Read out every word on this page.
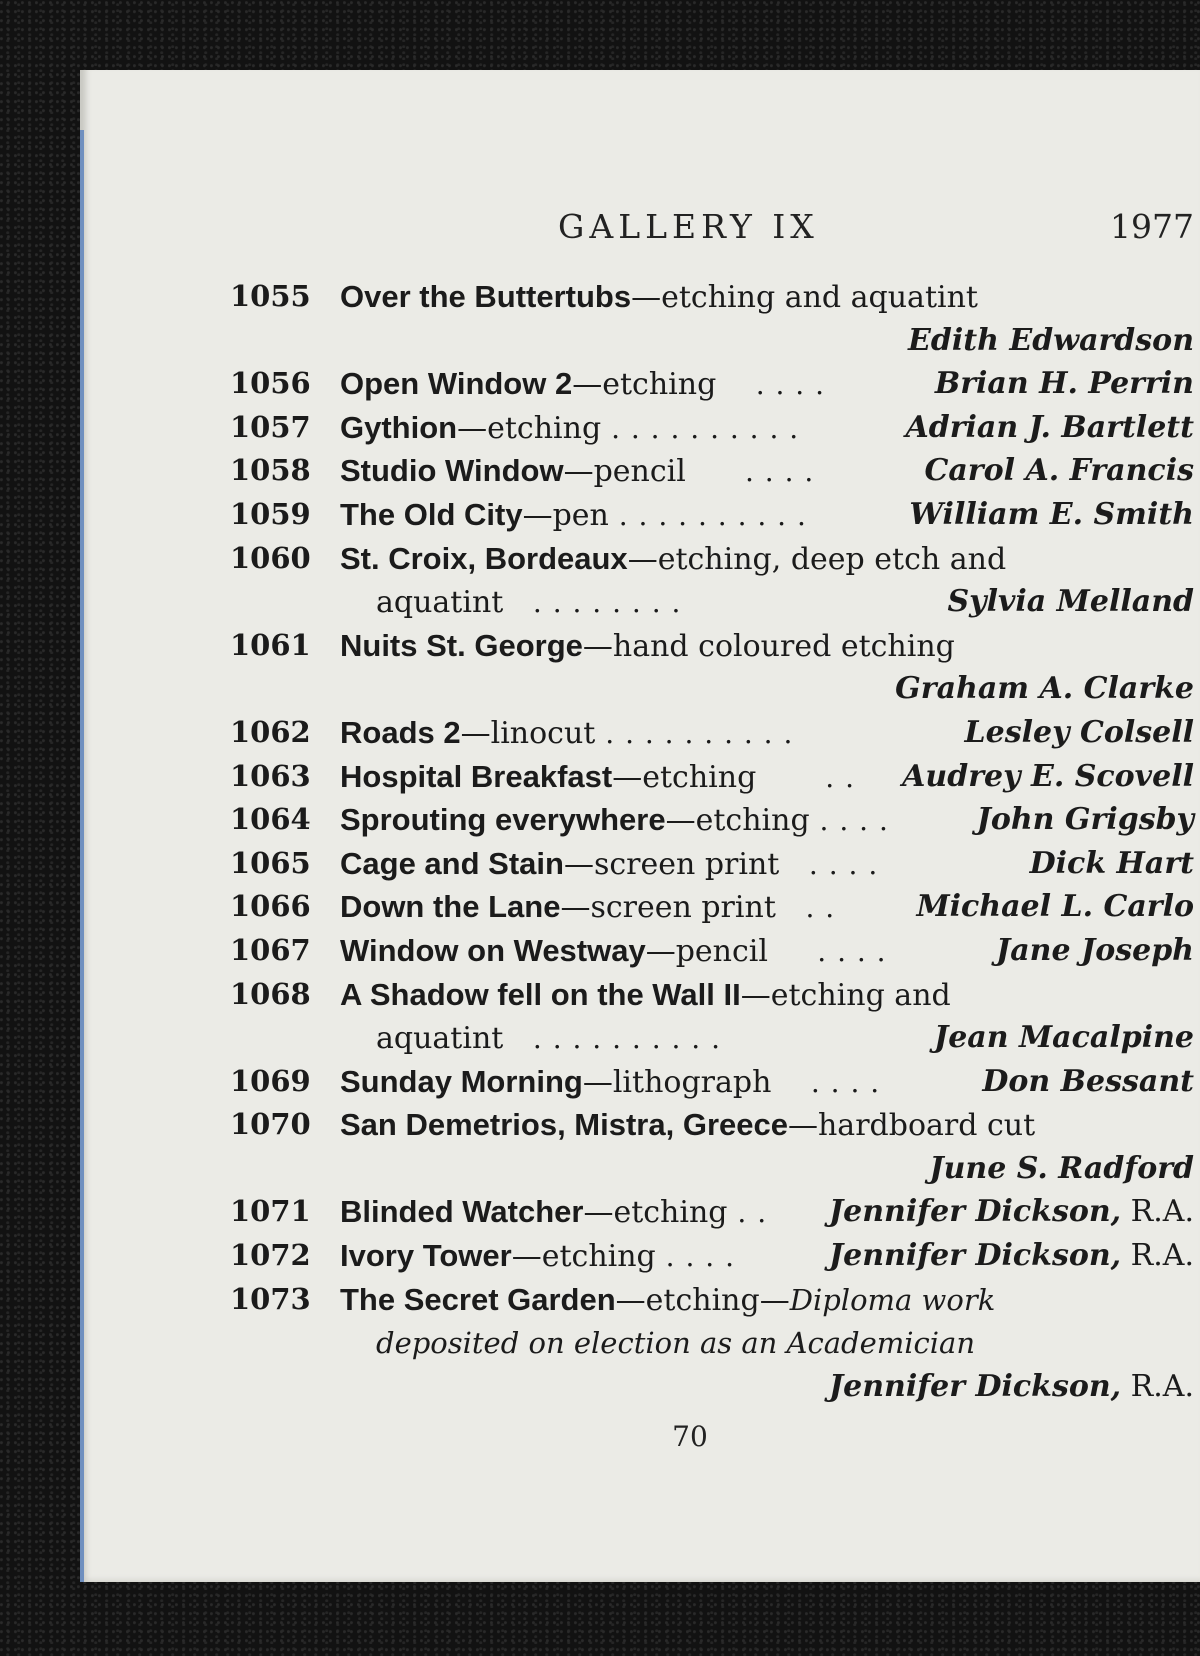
GALLERY IX	1977
1055 Over the Buttertubs—etching and aquatint
Edith Edwardson
1056 Open Window 2—etching . . . .	Brian H. Perrin
1057 Gythion—etching . . . . . . . . . .	Adrian J. Bartlett
1058 Studio Window—pencil . . . .	Carol A. Francis
1059 The Old City—pen . . . . . . . . . .	William E. Smith
1060 St. Croix, Bordeaux—etching, deep etch and
aquatint . . . . . . . .	Sylvia Melland
1061 Nuits St. George—hand coloured etching
Graham A. Clarke
1062 Roads 2—linocut . . . . . . . . . .	Lesley Colsell
1063 Hospital Breakfast—etching . . Audrey E. Scovell
1064 Sprouting everywhere—etching . . . .	John Grigsby
1065 Cage and Stain—screen print . . . .	Dick Hart
1066 Down the Lane—screen print . .	Michael L. Carlo
1067 Window on Westway—pencil . . . .	Jane Joseph
1068 A Shadow fell on the Wall II—etching and
aquatint . . . . . . . . . .	Jean Macalpine
1069 Sunday Morning—lithograph . . . .	Don Bessant
1070 San Demetrios, Mistra, Greece—hardboard cut
June S. Radford
1071 Blinded Watcher—etching . . Jennifer Dickson, R.A.
1072 Ivory Tower—etching . . . .	Jennifer Dickson, R.A.
1073 The Secret Garden—etching—Diploma work
deposited on election as an Academician
Jennifer Dickson, R.A.
70
